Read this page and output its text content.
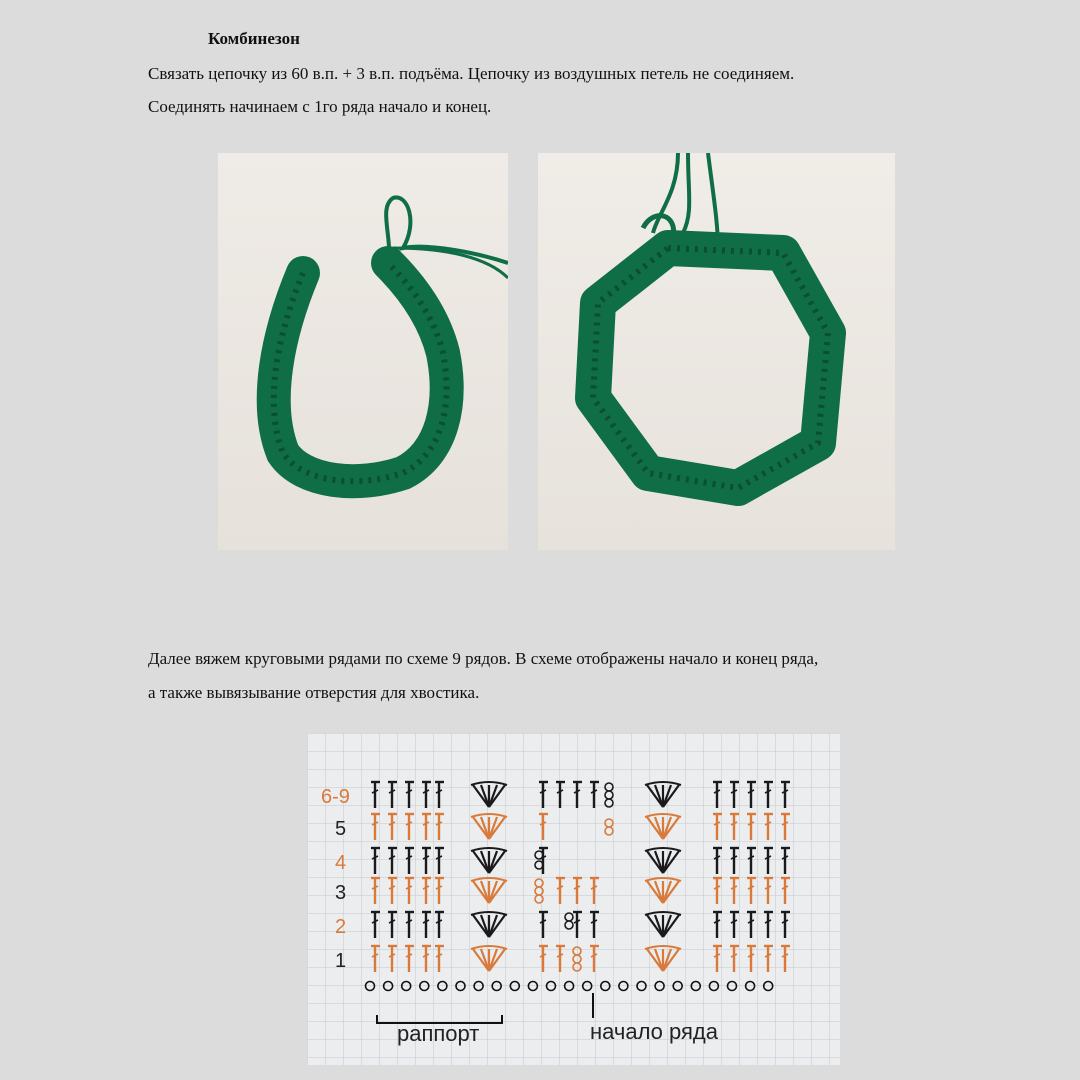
Комбинезон
Связать цепочку из 60 в.п. + 3 в.п. подъёма. Цепочку из воздушных петель не соединяем.
Соединять начинаем с 1го ряда начало и конец.
Далее вяжем круговыми рядами по схеме 9 рядов. В схеме отображены начало и конец ряда,
а также вывязывание отверстия для хвостика.
6-9
5
4
3
2
1
раппорт	начало ряда
